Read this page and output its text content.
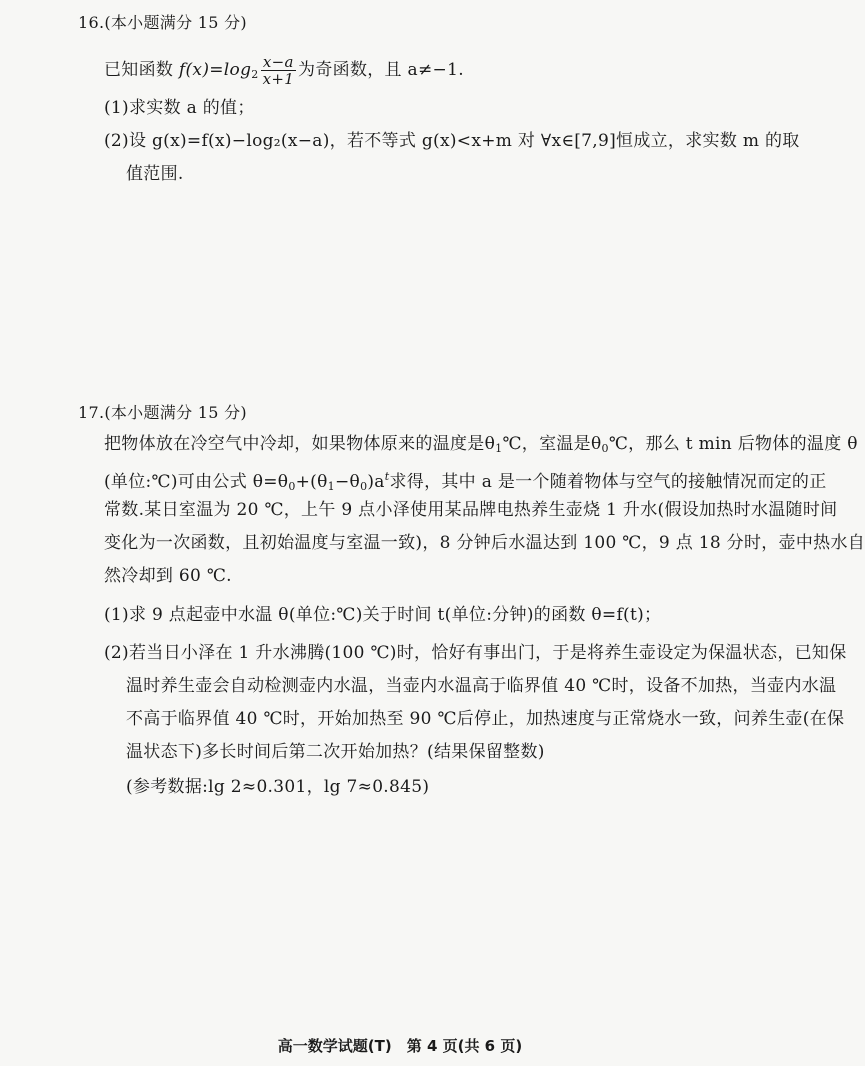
16.(本小题满分 15 分)
已知函数 $f(x)=\log_2 \frac{x-a}{x+1}$ 为奇函数，且 a≠−1.
(1)求实数 a 的值；
(2)设 g(x)=f(x)−log₂(x−a)，若不等式 g(x)<x+m 对 ∀x∈[7,9]恒成立，求实数 m 的取
值范围.
17.(本小题满分 15 分)
把物体放在冷空气中冷却，如果物体原来的温度是$\theta_1℃$，室温是$\theta_0℃$，那么 t min 后物体的温度 θ
(单位:℃)可由公式 $\theta=\theta_0+(\theta_1-\theta_0)a^t$求得，其中 a 是一个随着物体与空气的接触情况而定的正
常数.某日室温为 20 ℃，上午 9 点小泽使用某品牌电热养生壶烧 1 升水(假设加热时水温随时间
变化为一次函数，且初始温度与室温一致)，8 分钟后水温达到 100 ℃，9 点 18 分时，壶中热水自
然冷却到 60 ℃.
(1)求 9 点起壶中水温 θ(单位:℃)关于时间 t(单位:分钟)的函数 θ=f(t)；
(2)若当日小泽在 1 升水沸腾(100 ℃)时，恰好有事出门，于是将养生壶设定为保温状态，已知保
温时养生壶会自动检测壶内水温，当壶内水温高于临界值 40 ℃时，设备不加热，当壶内水温
不高于临界值 40 ℃时，开始加热至 90 ℃后停止，加热速度与正常烧水一致，问养生壶(在保
温状态下)多长时间后第二次开始加热？(结果保留整数)
(参考数据:lg 2≈0.301，lg 7≈0.845)
高一数学试题(T)　第 4 页(共 6 页)
